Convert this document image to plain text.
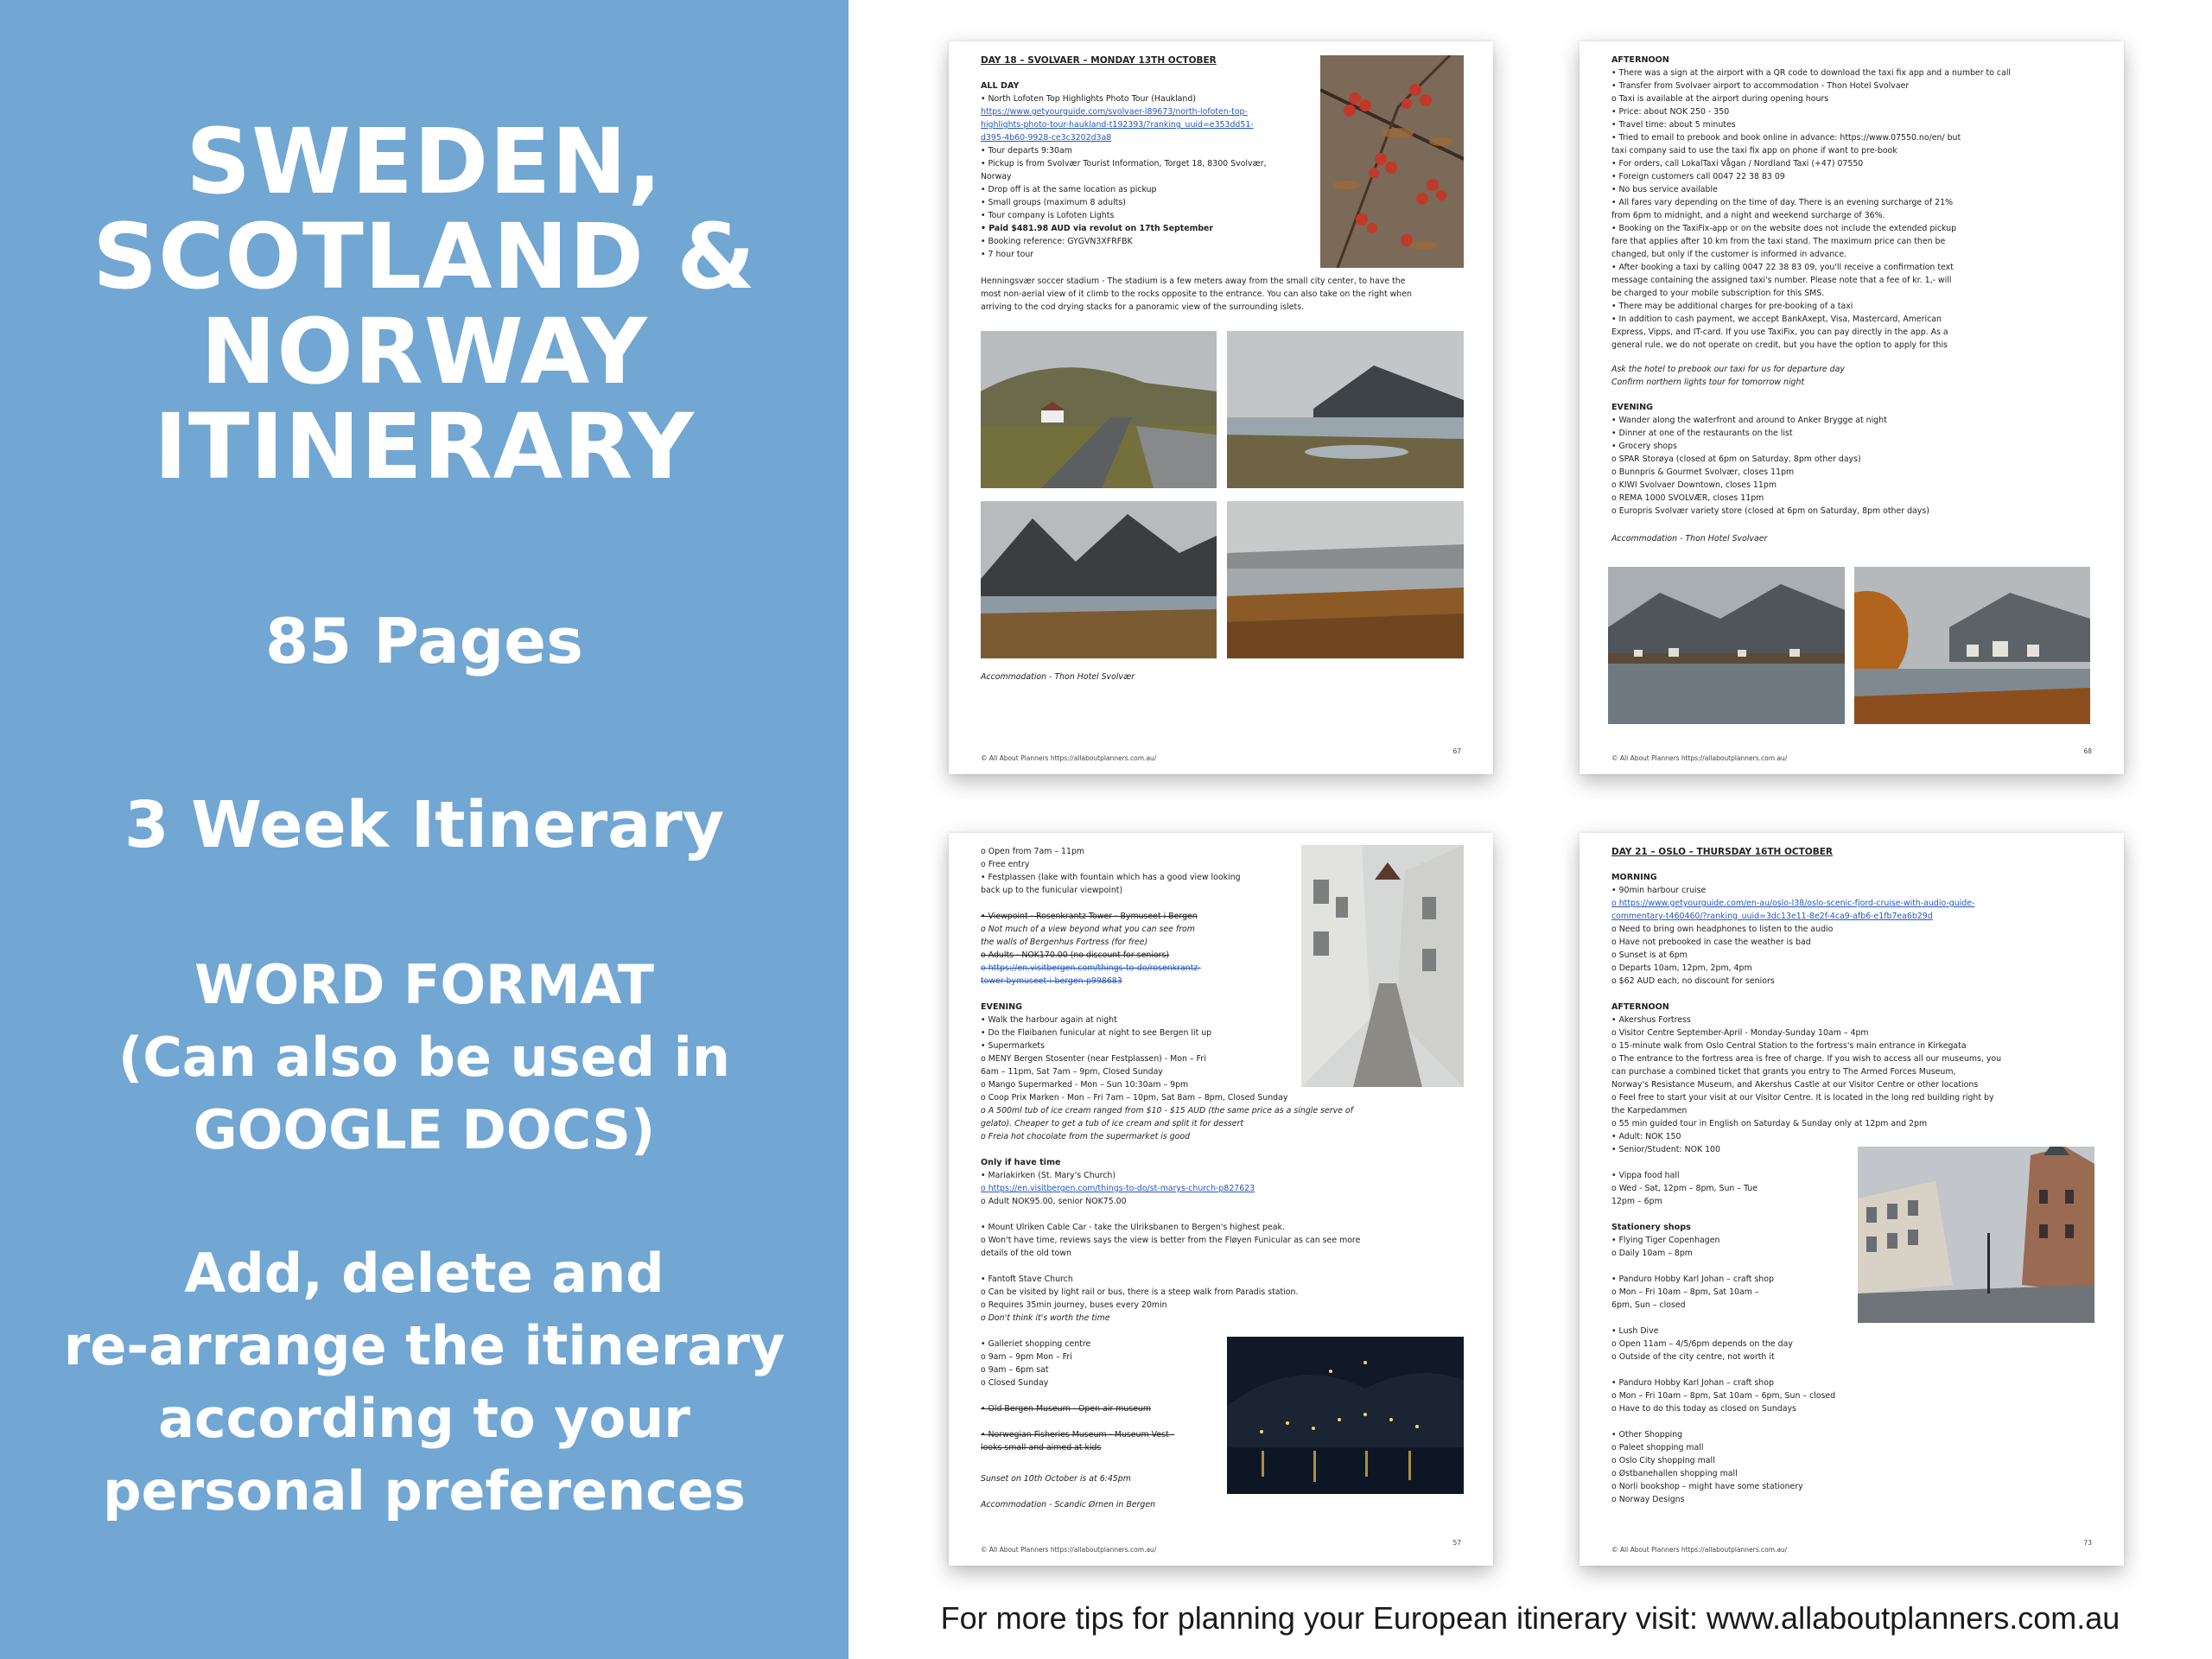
SWEDEN,
SCOTLAND &
NORWAY
ITINERARY
85 Pages
3 Week Itinerary
WORD FORMAT
(Can also be used in
GOOGLE DOCS)
Add, delete and
re-arrange the itinerary
according to your
personal preferences
DAY 18 – SVOLVAER – MONDAY 13TH OCTOBER
ALL DAY
• North Lofoten Top Highlights Photo Tour (Haukland)
https://www.getyourguide.com/svolvaer-l89673/north-lofoten-top-
highlights-photo-tour-haukland-t192393/?ranking_uuid=e353dd51-
d395-4b60-9928-ce3c3202d3a8
• Tour departs 9:30am
• Pickup is from Svolvær Tourist Information, Torget 18, 8300 Svolvær,
Norway
• Drop off is at the same location as pickup
• Small groups (maximum 8 adults)
• Tour company is Lofoten Lights
• Paid $481.98 AUD via revolut on 17th September
• Booking reference: GYGVN3XFRFBK
• 7 hour tour
Henningsvær soccer stadium - The stadium is a few meters away from the small city center, to have the
most non-aerial view of it climb to the rocks opposite to the entrance. You can also take on the right when
arriving to the cod drying stacks for a panoramic view of the surrounding islets.
Accommodation - Thon Hotel Svolvær
© All About Planners https://allaboutplanners.com.au/
67
AFTERNOON
• There was a sign at the airport with a QR code to download the taxi fix app and a number to call
• Transfer from Svolvaer airport to accommodation - Thon Hotel Svolvaer
o Taxi is available at the airport during opening hours
• Price: about NOK 250 - 350
• Travel time: about 5 minutes
• Tried to email to prebook and book online in advance: https://www.07550.no/en/ but
taxi company said to use the taxi fix app on phone if want to pre-book
• For orders, call LokalTaxi Vågan / Nordland Taxi (+47) 07550
• Foreign customers call 0047 22 38 83 09
• No bus service available
• All fares vary depending on the time of day. There is an evening surcharge of 21%
from 6pm to midnight, and a night and weekend surcharge of 36%.
• Booking on the TaxiFix-app or on the website does not include the extended pickup
fare that applies after 10 km from the taxi stand. The maximum price can then be
changed, but only if the customer is informed in advance.
• After booking a taxi by calling 0047 22 38 83 09, you'll receive a confirmation text
message containing the assigned taxi's number. Please note that a fee of kr. 1,- will
be charged to your mobile subscription for this SMS.
• There may be additional charges for pre-booking of a taxi
• In addition to cash payment, we accept BankAxept, Visa, Mastercard, American
Express, Vipps, and IT-card. If you use TaxiFix, you can pay directly in the app. As a
general rule, we do not operate on credit, but you have the option to apply for this
Ask the hotel to prebook our taxi for us for departure day
Confirm northern lights tour for tomorrow night
EVENING
• Wander along the waterfront and around to Anker Brygge at night
• Dinner at one of the restaurants on the list
• Grocery shops
o SPAR Storøya (closed at 6pm on Saturday, 8pm other days)
o Bunnpris & Gourmet Svolvær, closes 11pm
o KIWI Svolvaer Downtown, closes 11pm
o REMA 1000 SVOLVÆR, closes 11pm
o Europris Svolvær variety store (closed at 6pm on Saturday, 8pm other days)
Accommodation - Thon Hotel Svolvaer
© All About Planners https://allaboutplanners.com.au/
68
o Open from 7am – 11pm
o Free entry
• Festplassen (lake with fountain which has a good view looking
back up to the funicular viewpoint)
• Viewpoint - Rosenkrantz Tower - Bymuseet i Bergen
o Not much of a view beyond what you can see from
the walls of Bergenhus Fortress (for free)
o Adults - NOK170.00 (no discount for seniors)
o https://en.visitbergen.com/things-to-do/rosenkrantz-
tower-bymuseet-i-bergen-p998683
EVENING
• Walk the harbour again at night
• Do the Fløibanen funicular at night to see Bergen lit up
• Supermarkets
o MENY Bergen Stosenter (near Festplassen) - Mon – Fri
6am – 11pm, Sat 7am – 9pm, Closed Sunday
o Mango Supermarked - Mon – Sun 10:30am – 9pm
o Coop Prix Marken - Mon – Fri 7am – 10pm, Sat 8am – 8pm, Closed Sunday
o A 500ml tub of ice cream ranged from $10 - $15 AUD (the same price as a single serve of
gelato). Cheaper to get a tub of ice cream and split it for dessert
o Freia hot chocolate from the supermarket is good
Only if have time
• Mariakirken (St. Mary's Church)
o https://en.visitbergen.com/things-to-do/st-marys-church-p827623
o Adult NOK95.00, senior NOK75.00
• Mount Ulriken Cable Car - take the Ulriksbanen to Bergen's highest peak.
o Won't have time, reviews says the view is better from the Fløyen Funicular as can see more
details of the old town
• Fantoft Stave Church
o Can be visited by light rail or bus, there is a steep walk from Paradis station.
o Requires 35min journey, buses every 20min
o Don't think it's worth the time
• Galleriet shopping centre
o 9am – 9pm Mon – Fri
o 9am – 6pm sat
o Closed Sunday
• Old Bergen Museum - Open air museum
• Norwegian Fisheries Museum - Museum Vest -
looks small and aimed at kids
Sunset on 10th October is at 6:45pm
Accommodation - Scandic Ørnen in Bergen
© All About Planners https://allaboutplanners.com.au/
57
DAY 21 – OSLO – THURSDAY 16TH OCTOBER
MORNING
• 90min harbour cruise
o https://www.getyourguide.com/en-au/oslo-l38/oslo-scenic-fjord-cruise-with-audio-guide-
commentary-t460460/?ranking_uuid=3dc13e11-8e2f-4ca9-afb6-e1fb7ea6b29d
o Need to bring own headphones to listen to the audio
o Have not prebooked in case the weather is bad
o Sunset is at 6pm
o Departs 10am, 12pm, 2pm, 4pm
o $62 AUD each, no discount for seniors
AFTERNOON
• Akershus Fortress
o Visitor Centre September-April - Monday-Sunday 10am – 4pm
o 15-minute walk from Oslo Central Station to the fortress's main entrance in Kirkegata
o The entrance to the fortress area is free of charge. If you wish to access all our museums, you
can purchase a combined ticket that grants you entry to The Armed Forces Museum,
Norway's Resistance Museum, and Akershus Castle at our Visitor Centre or other locations
o Feel free to start your visit at our Visitor Centre. It is located in the long red building right by
the Karpedammen
o 55 min guided tour in English on Saturday & Sunday only at 12pm and 2pm
• Adult: NOK 150
• Senior/Student: NOK 100
• Vippa food hall
o Wed - Sat, 12pm – 8pm, Sun – Tue
12pm – 6pm
Stationery shops
• Flying Tiger Copenhagen
o Daily 10am – 8pm
• Panduro Hobby Karl Johan – craft shop
o Mon – Fri 10am – 8pm, Sat 10am –
6pm, Sun – closed
• Lush Dive
o Open 11am – 4/5/6pm depends on the day
o Outside of the city centre, not worth it
• Panduro Hobby Karl Johan – craft shop
o Mon – Fri 10am – 8pm, Sat 10am – 6pm, Sun – closed
o Have to do this today as closed on Sundays
• Other Shopping
o Paleet shopping mall
o Oslo City shopping mall
o Østbanehallen shopping mall
o Norli bookshop – might have some stationery
o Norway Designs
© All About Planners https://allaboutplanners.com.au/
73
For more tips for planning your European itinerary visit: www.allaboutplanners.com.au
